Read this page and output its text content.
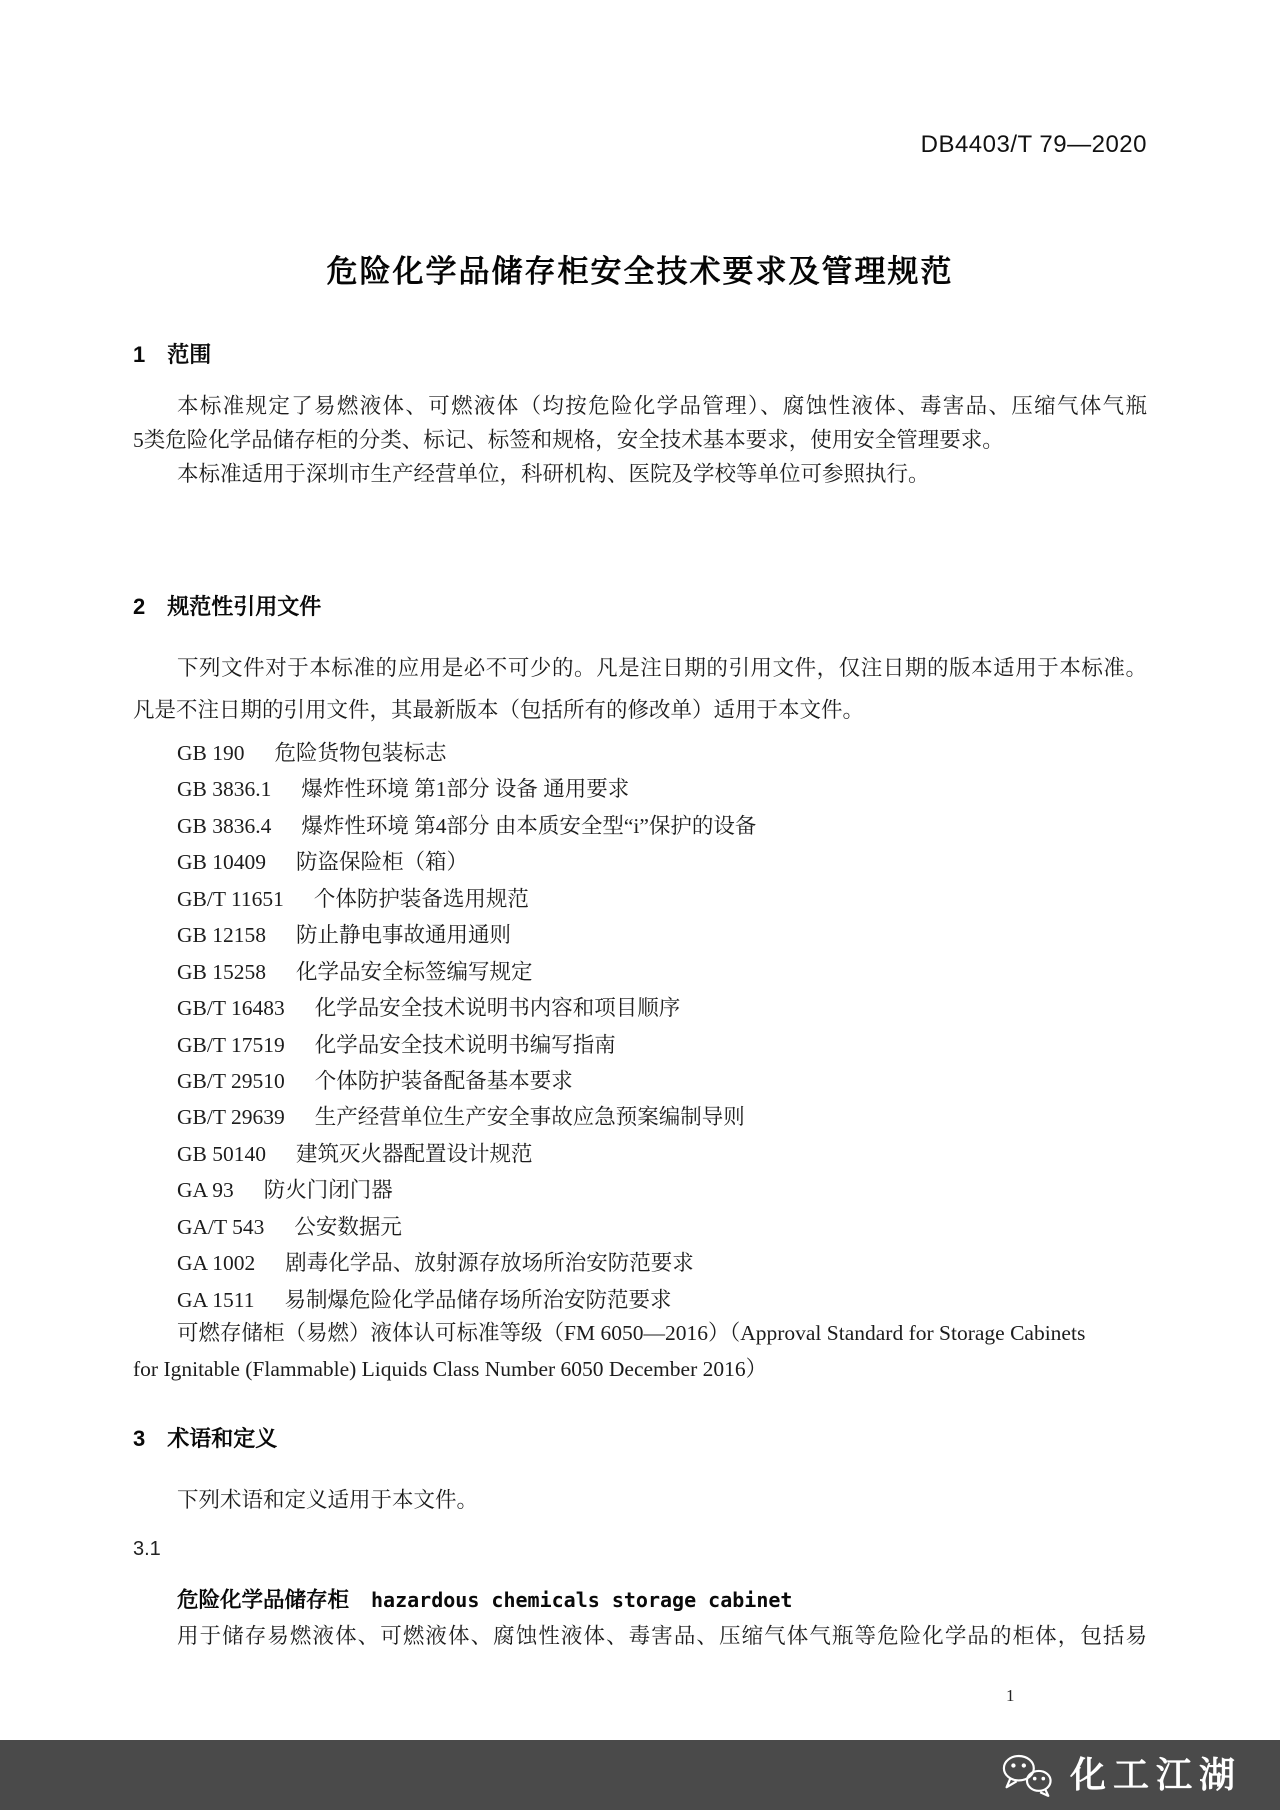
DB4403/T 79—2020
危险化学品储存柜安全技术要求及管理规范
1 范围
本标准规定了易燃液体、可燃液体（均按危险化学品管理）、腐蚀性液体、毒害品、压缩气体气瓶
5类危险化学品储存柜的分类、标记、标签和规格，安全技术基本要求，使用安全管理要求。
本标准适用于深圳市生产经营单位，科研机构、医院及学校等单位可参照执行。
2 规范性引用文件
下列文件对于本标准的应用是必不可少的。凡是注日期的引用文件，仅注日期的版本适用于本标准。
凡是不注日期的引用文件，其最新版本（包括所有的修改单）适用于本文件。
GB 190 危险货物包装标志
GB 3836.1 爆炸性环境 第1部分 设备 通用要求
GB 3836.4 爆炸性环境 第4部分 由本质安全型“i”保护的设备
GB 10409 防盗保险柜（箱）
GB/T 11651 个体防护装备选用规范
GB 12158 防止静电事故通用通则
GB 15258 化学品安全标签编写规定
GB/T 16483 化学品安全技术说明书内容和项目顺序
GB/T 17519 化学品安全技术说明书编写指南
GB/T 29510 个体防护装备配备基本要求
GB/T 29639 生产经营单位生产安全事故应急预案编制导则
GB 50140 建筑灭火器配置设计规范
GA 93 防火门闭门器
GA/T 543 公安数据元
GA 1002 剧毒化学品、放射源存放场所治安防范要求
GA 1511 易制爆危险化学品储存场所治安防范要求
可燃存储柜（易燃）液体认可标准等级（FM 6050—2016）（Approval Standard for Storage Cabinets
for Ignitable (Flammable) Liquids Class Number 6050 December 2016）
3 术语和定义
下列术语和定义适用于本文件。
3.1
危险化学品储存柜 hazardous chemicals storage cabinet
用于储存易燃液体、可燃液体、腐蚀性液体、毒害品、压缩气体气瓶等危险化学品的柜体，包括易
1
化工江湖
